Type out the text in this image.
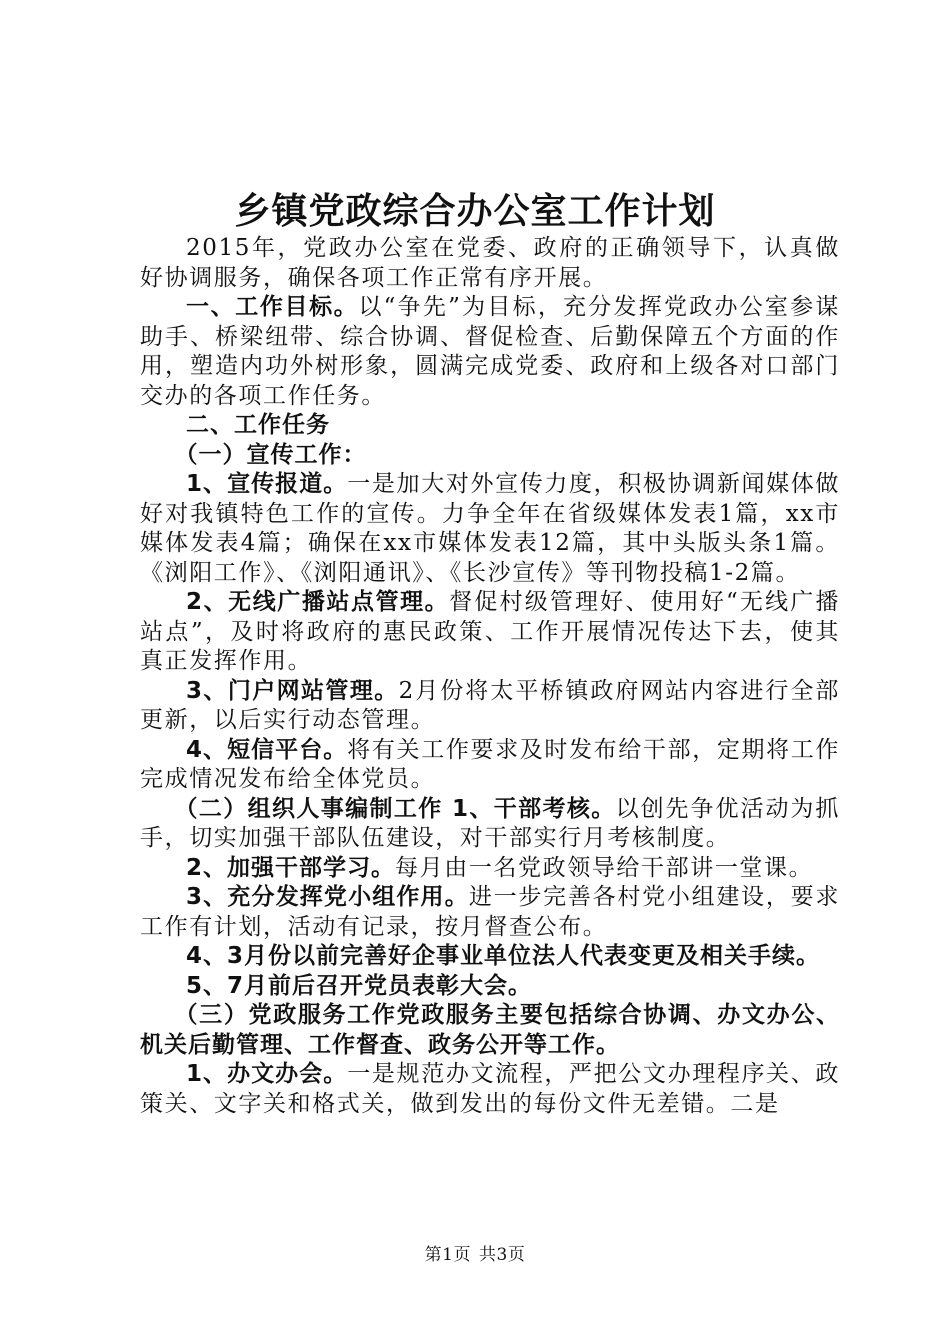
乡镇党政综合办公室工作计划

2015年，党政办公室在党委、政府的正确领导下，认真做好协调服务，确保各项工作正常有序开展。

一、工作目标。以“争先”为目标，充分发挥党政办公室参谋助手、桥梁纽带、综合协调、督促检查、后勤保障五个方面的作用，塑造内功外树形象，圆满完成党委、政府和上级各对口部门交办的各项工作任务。

二、工作任务

（一）宣传工作：

1、宣传报道。一是加大对外宣传力度，积极协调新闻媒体做好对我镇特色工作的宣传。力争全年在省级媒体发表1篇，xx市媒体发表4篇；确保在xx市媒体发表12篇，其中头版头条1篇。《浏阳工作》、《浏阳通讯》、《长沙宣传》等刊物投稿1-2篇。

2、无线广播站点管理。督促村级管理好、使用好“无线广播站点”，及时将政府的惠民政策、工作开展情况传达下去，使其真正发挥作用。

3、门户网站管理。2月份将太平桥镇政府网站内容进行全部更新，以后实行动态管理。

4、短信平台。将有关工作要求及时发布给干部，定期将工作完成情况发布给全体党员。

（二）组织人事编制工作 1、干部考核。以创先争优活动为抓手，切实加强干部队伍建设，对干部实行月考核制度。

2、加强干部学习。每月由一名党政领导给干部讲一堂课。

3、充分发挥党小组作用。进一步完善各村党小组建设，要求工作有计划，活动有记录，按月督查公布。

4、3月份以前完善好企事业单位法人代表变更及相关手续。

5、7月前后召开党员表彰大会。

（三）党政服务工作党政服务主要包括综合协调、办文办公、机关后勤管理、工作督查、政务公开等工作。

1、办文办会。一是规范办文流程，严把公文办理程序关、政策关、文字关和格式关，做到发出的每份文件无差错。二是

第1页 共3页
